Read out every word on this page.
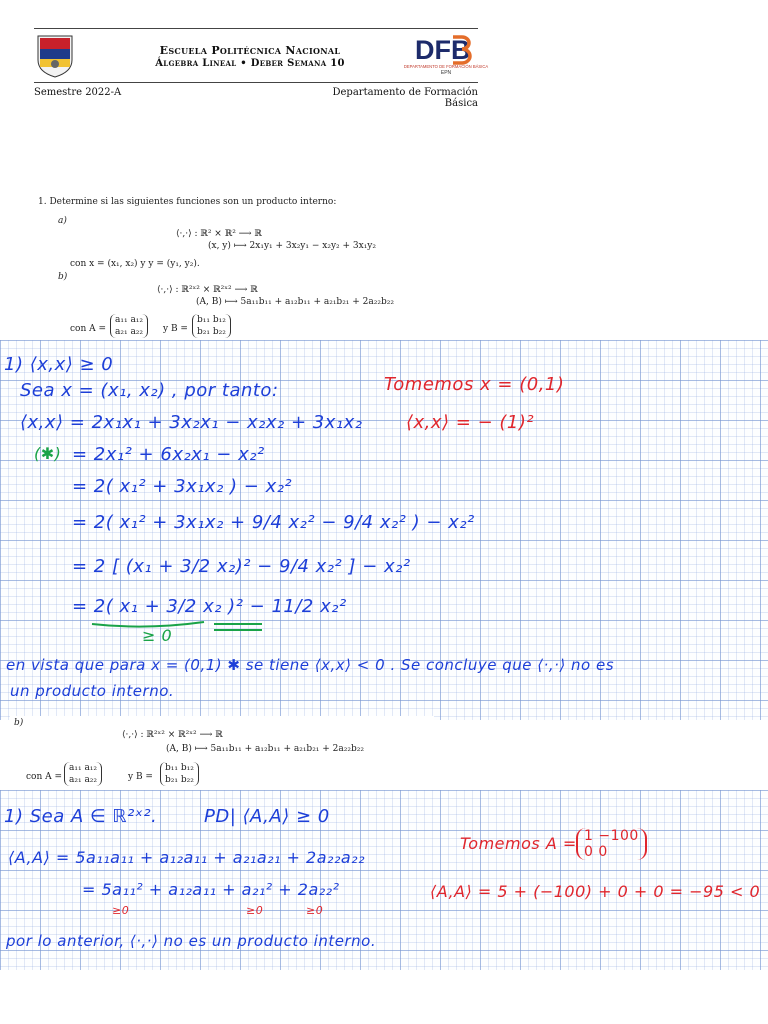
Escuela Politécnica Nacional
Álgebra Lineal • Deber Semana 10	DFB
DEPARTAMENTO DE FORMACIÓN BÁSICA
EPN
Semestre 2022-A	Departamento de Formación Básica
1. Determine si las siguientes funciones son un producto interno:
a)
⟨·,·⟩ : ℝ² × ℝ² ⟶ ℝ
(x, y) ⟼ 2x₁y₁ + 3x₂y₁ − x₂y₂ + 3x₁y₂
con x = (x₁, x₂) y y = (y₁, y₂).
b)
⟨·,·⟩ : ℝ²ˣ² × ℝ²ˣ² ⟶ ℝ
(A, B) ⟼ 5a₁₁b₁₁ + a₁₂b₁₁ + a₂₁b₂₁ + 2a₂₂b₂₂
con A =
a₁₁ a₁₂
a₂₁ a₂₂ y B =
b₁₁ b₁₂
b₂₁ b₂₂
1) ⟨x,x⟩ ≥ 0
Sea x = (x₁, x₂) , por tanto:
⟨x,x⟩ = 2x₁x₁ + 3x₂x₁ − x₂x₂ + 3x₁x₂
(✱) = 2x₁² + 6x₂x₁ − x₂²
= 2( x₁² + 3x₁x₂ ) − x₂²
= 2( x₁² + 3x₁x₂ + 9/4 x₂² − 9/4 x₂² ) − x₂²
= 2 [ (x₁ + 3/2 x₂)² − 9/4 x₂² ] − x₂²
= 2( x₁ + 3/2 x₂ )² − 11/2 x₂²
≥ 0
Tomemos x = (0,1)
⟨x,x⟩ = − (1)²
en vista que para x = (0,1) ✱ se tiene ⟨x,x⟩ < 0 . Se concluye que ⟨·,·⟩ no es
un producto interno.
b)
⟨·,·⟩ : ℝ²ˣ² × ℝ²ˣ² ⟶ ℝ
(A, B) ⟼ 5a₁₁b₁₁ + a₁₂b₁₁ + a₂₁b₂₁ + 2a₂₂b₂₂
con A =
a₁₁ a₁₂
a₂₁ a₂₂	y B =
b₁₁ b₁₂
b₂₁ b₂₂
1) Sea A ∈ ℝ²ˣ².	PD| ⟨A,A⟩ ≥ 0
⟨A,A⟩ = 5a₁₁a₁₁ + a₁₂a₁₁ + a₂₁a₂₁ + 2a₂₂a₂₂
= 5a₁₁² + a₁₂a₁₁ + a₂₁² + 2a₂₂²
≥0	≥0	≥0
Tomemos A = 1 −100
0 0
⟨A,A⟩ = 5 + (−100) + 0 + 0 = −95 < 0
por lo anterior, ⟨·,·⟩ no es un producto interno.
